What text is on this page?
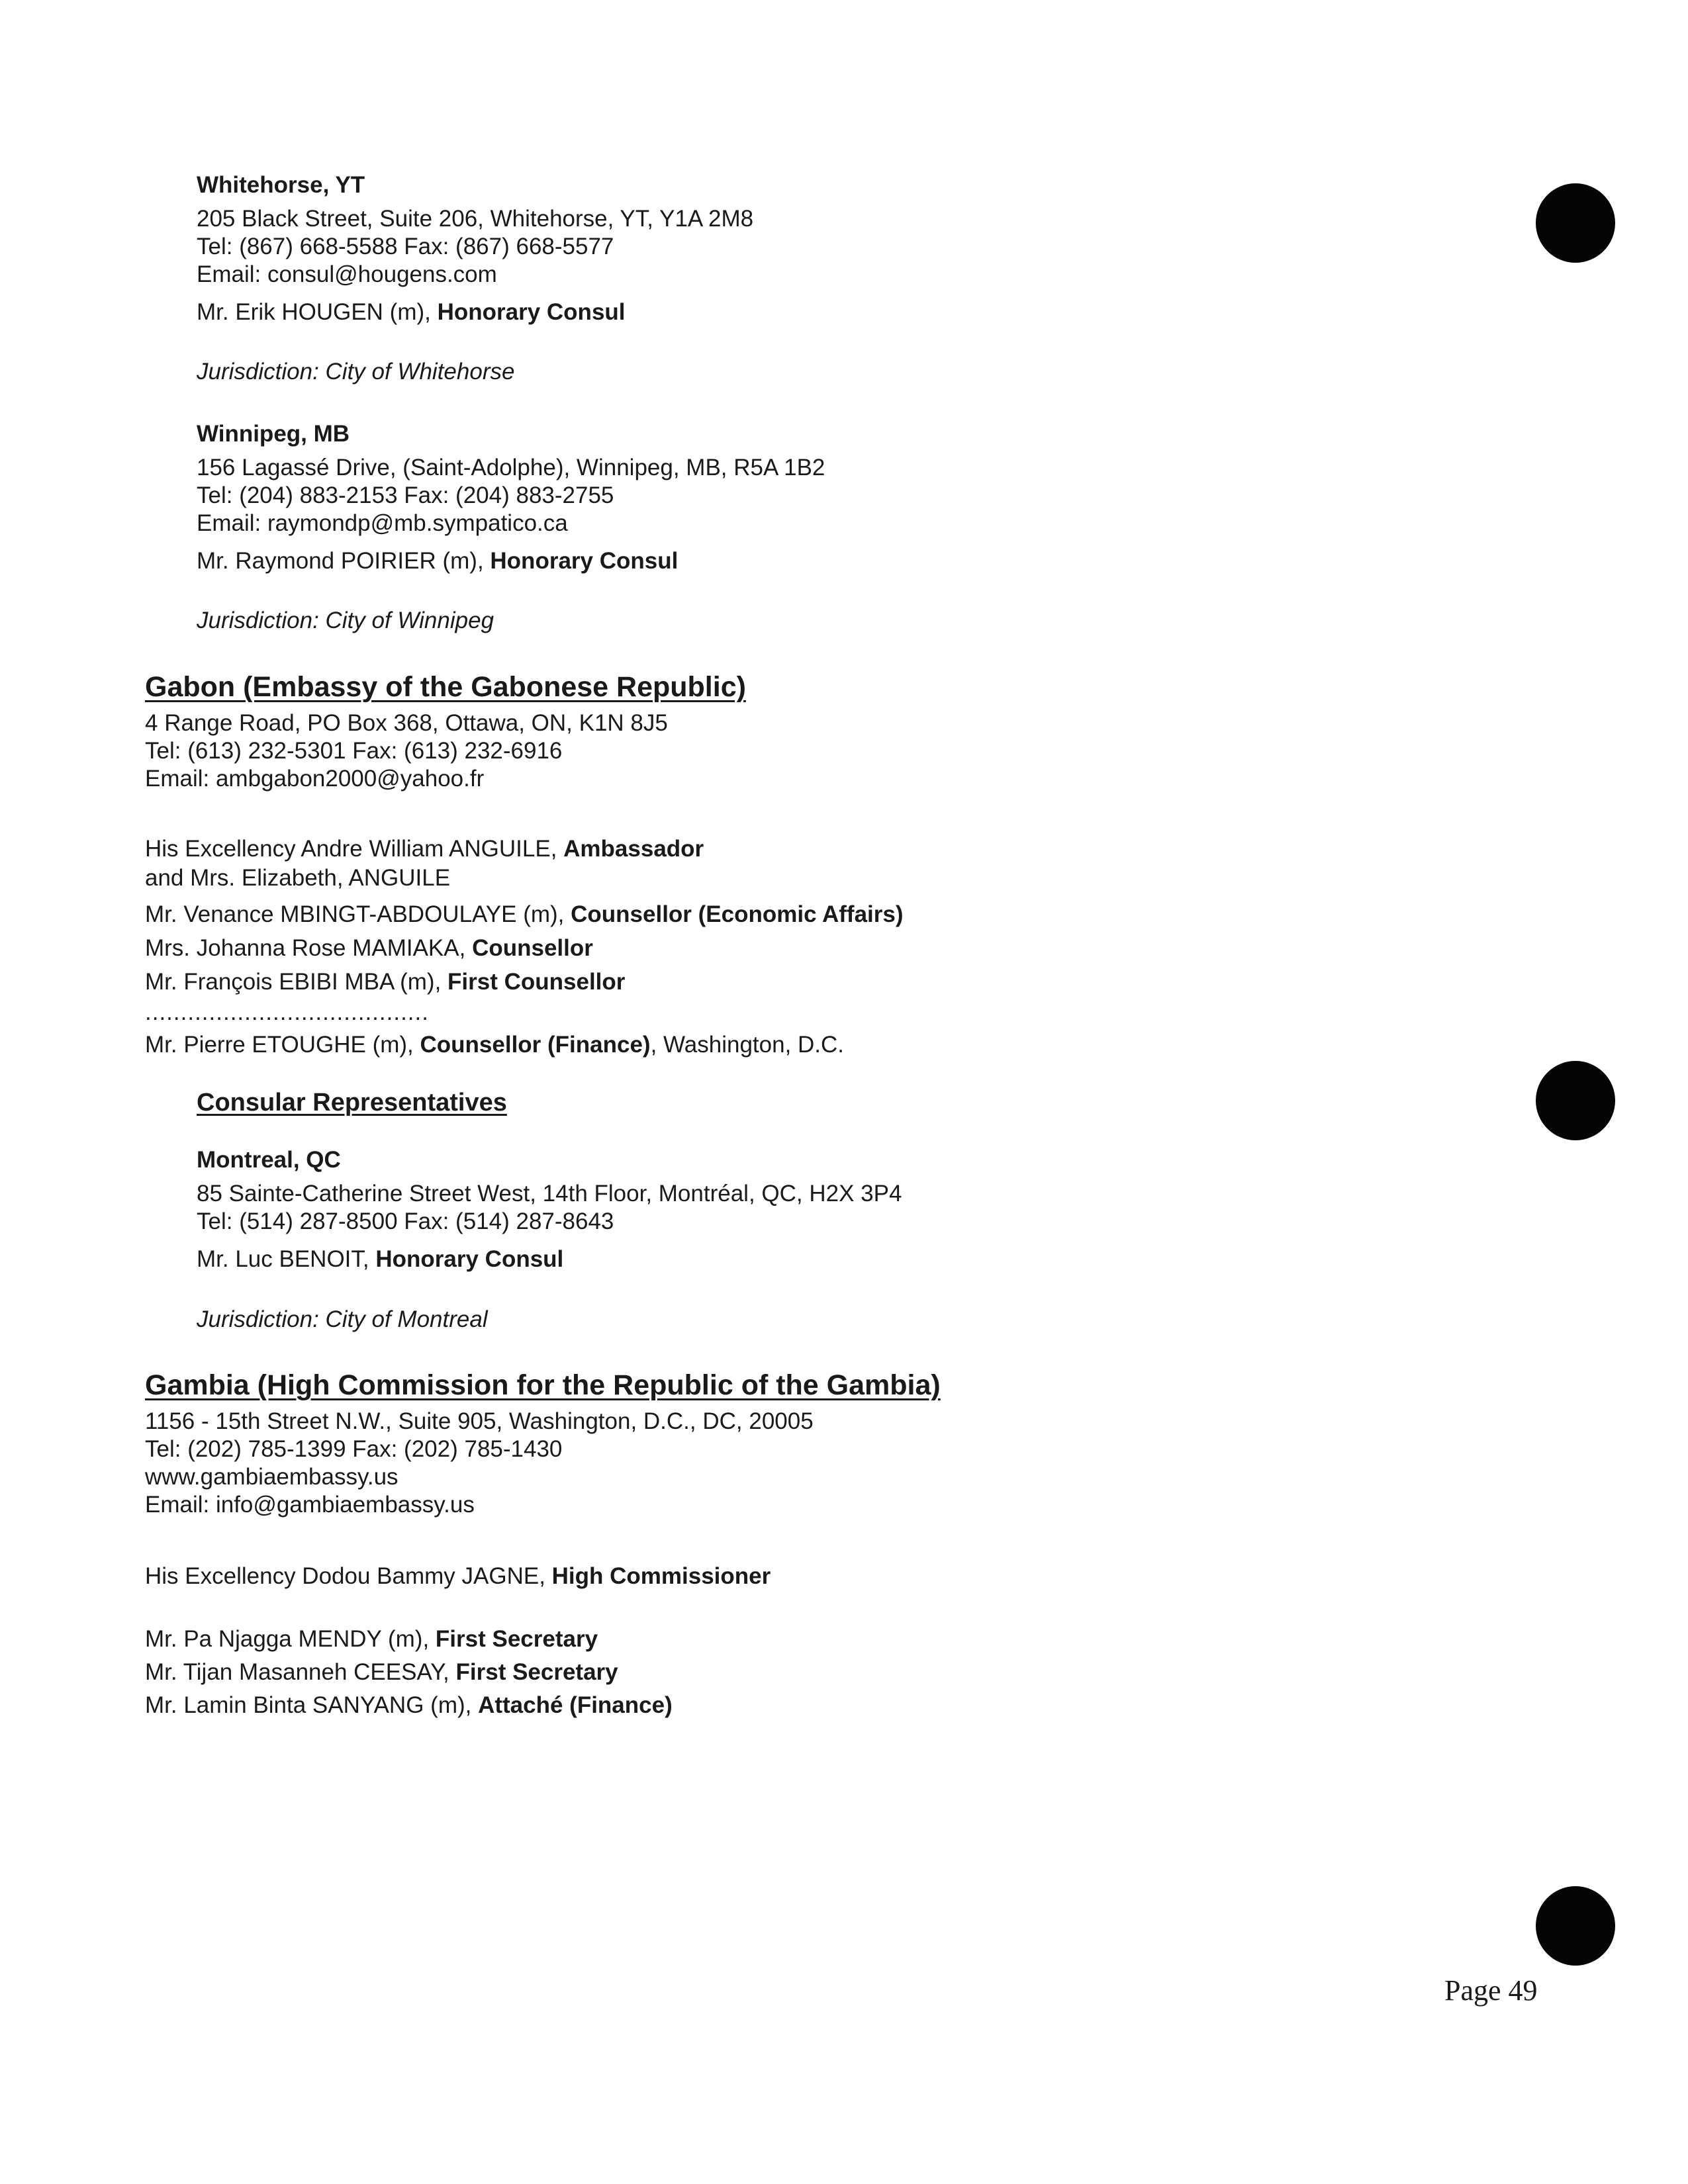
Whitehorse, YT
205 Black Street, Suite 206, Whitehorse, YT, Y1A 2M8
Tel: (867) 668-5588 Fax: (867) 668-5577
Email: consul@hougens.com
Mr. Erik HOUGEN (m), Honorary Consul
Jurisdiction: City of Whitehorse
Winnipeg, MB
156 Lagassé Drive, (Saint-Adolphe), Winnipeg, MB, R5A 1B2
Tel: (204) 883-2153 Fax: (204) 883-2755
Email: raymondp@mb.sympatico.ca
Mr. Raymond POIRIER (m), Honorary Consul
Jurisdiction: City of Winnipeg
Gabon (Embassy of the Gabonese Republic)
4 Range Road, PO Box 368, Ottawa, ON, K1N 8J5
Tel: (613) 232-5301 Fax: (613) 232-6916
Email: ambgabon2000@yahoo.fr
His Excellency Andre William ANGUILE, Ambassador
and Mrs. Elizabeth, ANGUILE
Mr. Venance MBINGT-ABDOULAYE (m), Counsellor (Economic Affairs)
Mrs. Johanna Rose MAMIAKA, Counsellor
Mr. François EBIBI MBA (m), First Counsellor
........................................
Mr. Pierre ETOUGHE (m), Counsellor (Finance), Washington, D.C.
Consular Representatives
Montreal, QC
85 Sainte-Catherine Street West, 14th Floor, Montréal, QC, H2X 3P4
Tel: (514) 287-8500 Fax: (514) 287-8643
Mr. Luc BENOIT, Honorary Consul
Jurisdiction: City of Montreal
Gambia (High Commission for the Republic of the Gambia)
1156 - 15th Street N.W., Suite 905, Washington, D.C., DC, 20005
Tel: (202) 785-1399 Fax: (202) 785-1430
www.gambiaembassy.us
Email: info@gambiaembassy.us
His Excellency Dodou Bammy JAGNE, High Commissioner
Mr. Pa Njagga MENDY (m), First Secretary
Mr. Tijan Masanneh CEESAY, First Secretary
Mr. Lamin Binta SANYANG (m), Attaché (Finance)
Page 49
